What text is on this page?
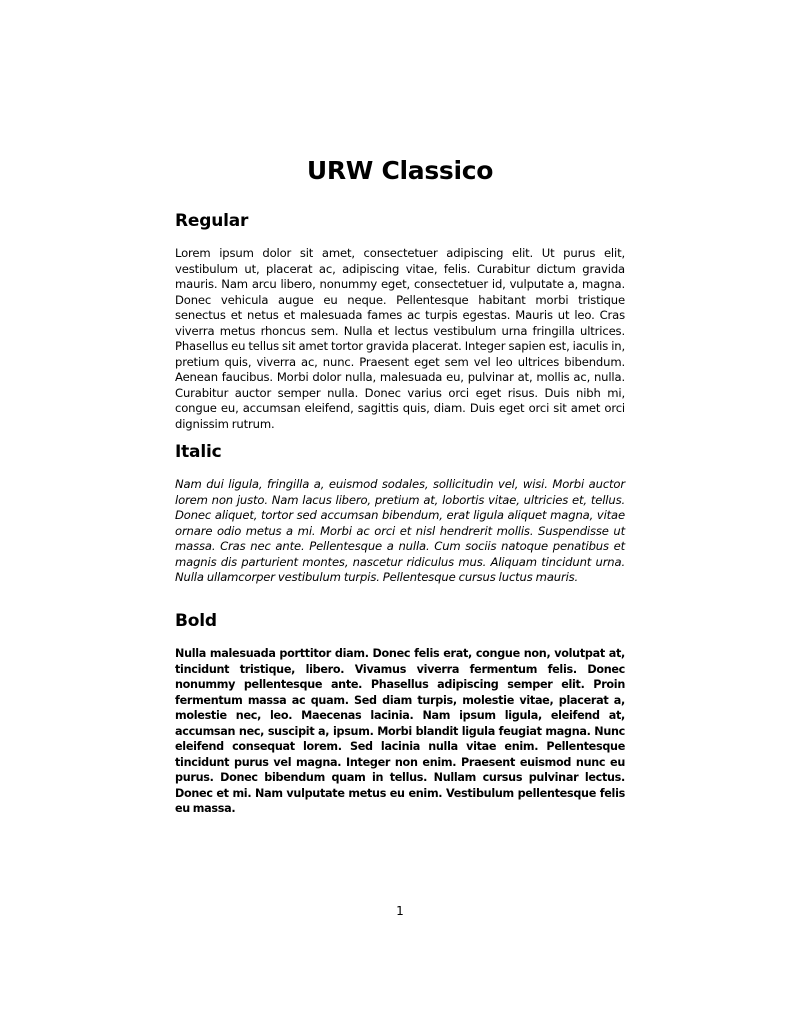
URW Classico
Regular

Lorem ipsum dolor sit amet, consectetuer adipiscing elit. Ut purus elit, vestibulum ut, placerat ac, adipiscing vitae, felis. Curabitur dictum gravida mauris. Nam arcu libero, nonummy eget, consectetuer id, vulputate a, magna. Donec vehicula augue eu neque. Pellentesque habitant morbi tristique senectus et netus et malesuada fames ac turpis egestas. Mauris ut leo. Cras viverra metus rhoncus sem. Nulla et lectus vestibulum urna fringilla ultrices. Phasellus eu tellus sit amet tortor gravida placerat. Integer sapien est, iaculis in, pretium quis, viverra ac, nunc. Praesent eget sem vel leo ultrices bibendum. Aenean faucibus. Morbi dolor nulla, malesuada eu, pulvinar at, mollis ac, nulla. Curabitur auctor semper nulla. Donec varius orci eget risus. Duis nibh mi, congue eu, accumsan eleifend, sagittis quis, diam. Duis eget orci sit amet orci dignissim rutrum.

Italic

Nam dui ligula, fringilla a, euismod sodales, sollicitudin vel, wisi. Morbi auctor lorem non justo. Nam lacus libero, pretium at, lobortis vitae, ultricies et, tellus. Donec aliquet, tortor sed accumsan bibendum, erat ligula aliquet magna, vitae ornare odio metus a mi. Morbi ac orci et nisl hendrerit mollis. Suspendisse ut massa. Cras nec ante. Pellentesque a nulla. Cum sociis natoque penatibus et magnis dis parturient montes, nascetur ridiculus mus. Aliquam tincidunt urna. Nulla ullamcorper vestibulum turpis. Pellentesque cursus luctus mauris.

Bold

Nulla malesuada porttitor diam. Donec felis erat, congue non, volutpat at, tincidunt tristique, libero. Vivamus viverra fermentum felis. Donec nonummy pellentesque ante. Phasellus adipiscing semper elit. Proin fermentum massa ac quam. Sed diam turpis, molestie vitae, placerat a, molestie nec, leo. Maecenas lacinia. Nam ipsum ligula, eleifend at, accumsan nec, suscipit a, ipsum. Morbi blandit ligula feugiat magna. Nunc eleifend consequat lorem. Sed lacinia nulla vitae enim. Pellentesque tincidunt purus vel magna. Integer non enim. Praesent euismod nunc eu purus. Donec bibendum quam in tellus. Nullam cursus pulvinar lectus. Donec et mi. Nam vulputate metus eu enim. Vestibulum pellentesque felis eu massa.

1
